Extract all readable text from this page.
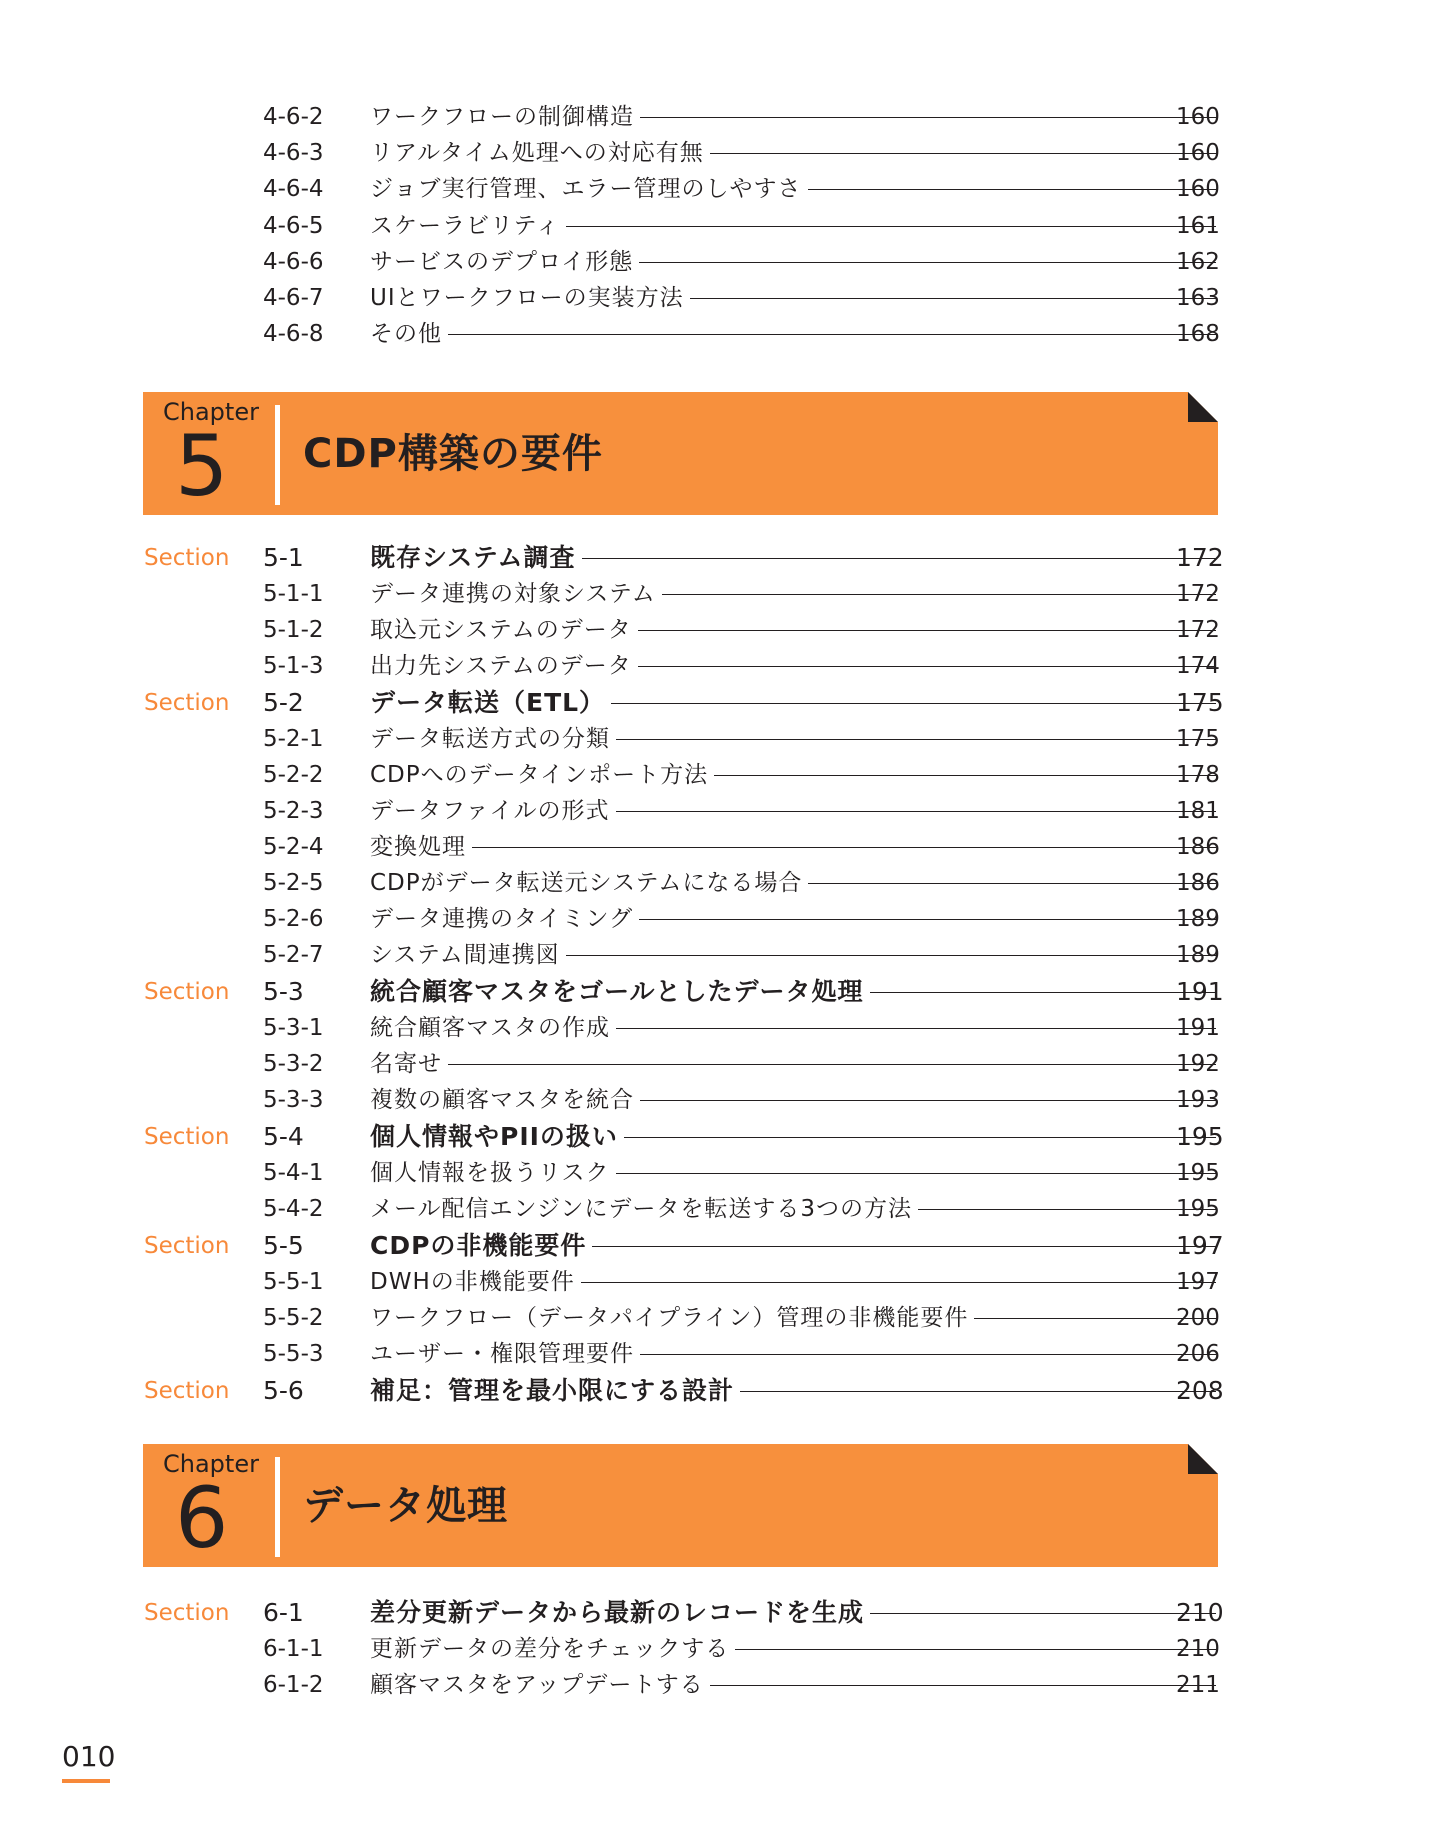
4-6-2 ワークフローの制御構造	160
4-6-3 リアルタイム処理への対応有無	160
4-6-4 ジョブ実行管理、エラー管理のしやすさ	160
4-6-5 スケーラビリティ	161
4-6-6 サービスのデプロイ形態	162
4-6-7 UIとワークフローの実装方法	163
4-6-8 その他	168
Chapter
5 CDP構築の要件
Section 5-1	既存システム調査	172
5-1-1 データ連携の対象システム	172
5-1-2 取込元システムのデータ	172
5-1-3 出力先システムのデータ	174
Section 5-2	データ転送（ETL）	175
5-2-1 データ転送方式の分類	175
5-2-2 CDPへのデータインポート方法	178
5-2-3 データファイルの形式	181
5-2-4 変換処理	186
5-2-5 CDPがデータ転送元システムになる場合	186
5-2-6 データ連携のタイミング	189
5-2-7 システム間連携図	189
Section 5-3	統合顧客マスタをゴールとしたデータ処理	191
5-3-1 統合顧客マスタの作成	191
5-3-2 名寄せ	192
5-3-3 複数の顧客マスタを統合	193
Section 5-4	個人情報やPIIの扱い	195
5-4-1 個人情報を扱うリスク	195
5-4-2 メール配信エンジンにデータを転送する3つの方法	195
Section 5-5	CDPの非機能要件	197
5-5-1 DWHの非機能要件	197
5-5-2 ワークフロー（データパイプライン）管理の非機能要件	200
5-5-3 ユーザー・権限管理要件	206
Section 5-6	補足：管理を最小限にする設計	208
Chapter
6 データ処理
Section 6-1	差分更新データから最新のレコードを生成	210
6-1-1 更新データの差分をチェックする	210
6-1-2 顧客マスタをアップデートする	211
010
